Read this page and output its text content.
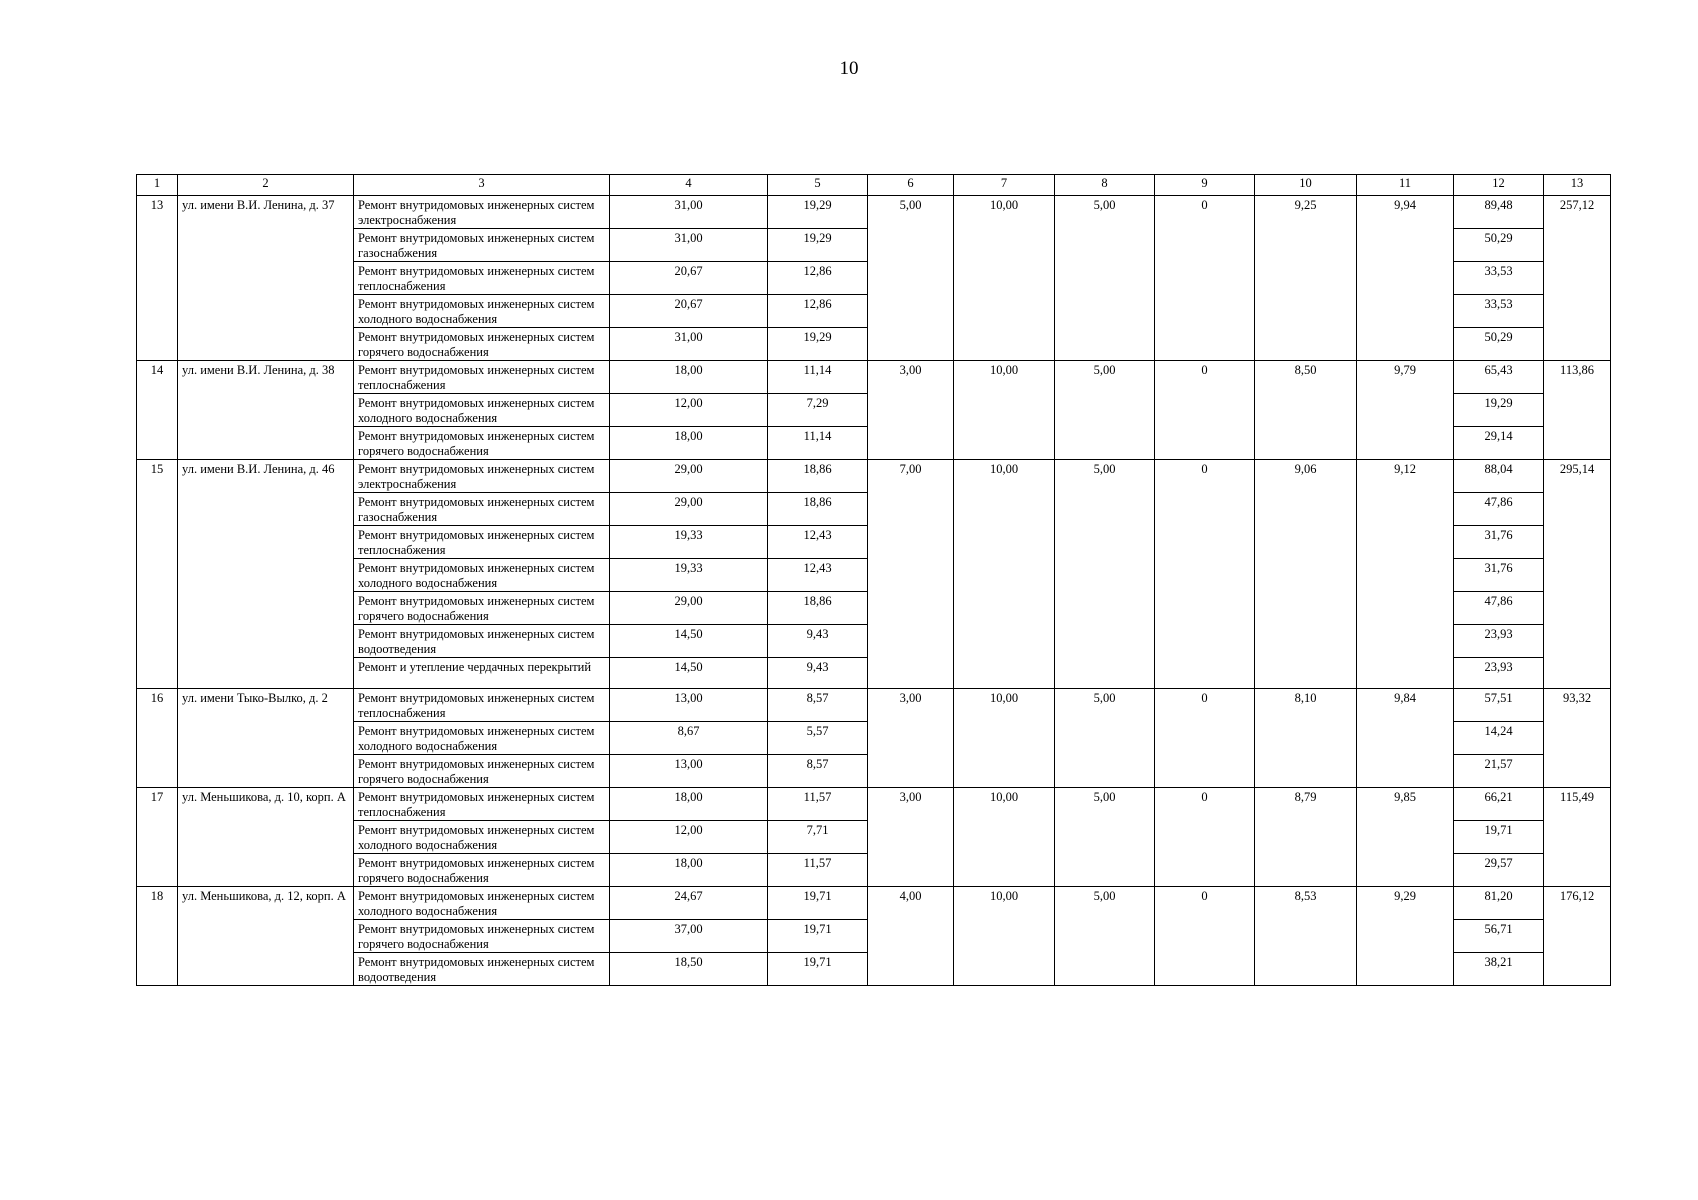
10
1	2	3	4	5	6	7	8	9	10	11	12	13
13	ул. имени В.И. Ленина, д. 37	Ремонт внутридомовых инженерных систем электроснабжения	31,00	19,29	5,00	10,00	5,00	0	9,25	9,94	89,48	257,12
		Ремонт внутридомовых инженерных систем газоснабжения	31,00	19,29							50,29	
		Ремонт внутридомовых инженерных систем теплоснабжения	20,67	12,86							33,53	
		Ремонт внутридомовых инженерных систем холодного водоснабжения	20,67	12,86							33,53	
		Ремонт внутридомовых инженерных систем горячего водоснабжения	31,00	19,29							50,29	
14	ул. имени В.И. Ленина, д. 38	Ремонт внутридомовых инженерных систем теплоснабжения	18,00	11,14	3,00	10,00	5,00	0	8,50	9,79	65,43	113,86
		Ремонт внутридомовых инженерных систем холодного водоснабжения	12,00	7,29							19,29	
		Ремонт внутридомовых инженерных систем горячего водоснабжения	18,00	11,14							29,14	
15	ул. имени В.И. Ленина, д. 46	Ремонт внутридомовых инженерных систем электроснабжения	29,00	18,86	7,00	10,00	5,00	0	9,06	9,12	88,04	295,14
		Ремонт внутридомовых инженерных систем газоснабжения	29,00	18,86							47,86	
		Ремонт внутридомовых инженерных систем теплоснабжения	19,33	12,43							31,76	
		Ремонт внутридомовых инженерных систем холодного водоснабжения	19,33	12,43							31,76	
		Ремонт внутридомовых инженерных систем горячего водоснабжения	29,00	18,86							47,86	
		Ремонт внутридомовых инженерных систем водоотведения	14,50	9,43							23,93	
		Ремонт и утепление чердачных перекрытий	14,50	9,43							23,93	
16	ул. имени Тыко-Вылко, д. 2	Ремонт внутридомовых инженерных систем теплоснабжения	13,00	8,57	3,00	10,00	5,00	0	8,10	9,84	57,51	93,32
		Ремонт внутридомовых инженерных систем холодного водоснабжения	8,67	5,57							14,24	
		Ремонт внутридомовых инженерных систем горячего водоснабжения	13,00	8,57							21,57	
17	ул. Меньшикова, д. 10, корп. А	Ремонт внутридомовых инженерных систем теплоснабжения	18,00	11,57	3,00	10,00	5,00	0	8,79	9,85	66,21	115,49
		Ремонт внутридомовых инженерных систем холодного водоснабжения	12,00	7,71							19,71	
		Ремонт внутридомовых инженерных систем горячего водоснабжения	18,00	11,57							29,57	
18	ул. Меньшикова, д. 12, корп. А	Ремонт внутридомовых инженерных систем холодного водоснабжения	24,67	19,71	4,00	10,00	5,00	0	8,53	9,29	81,20	176,12
		Ремонт внутридомовых инженерных систем горячего водоснабжения	37,00	19,71							56,71	
		Ремонт внутридомовых инженерных систем водоотведения	18,50	19,71							38,21	
